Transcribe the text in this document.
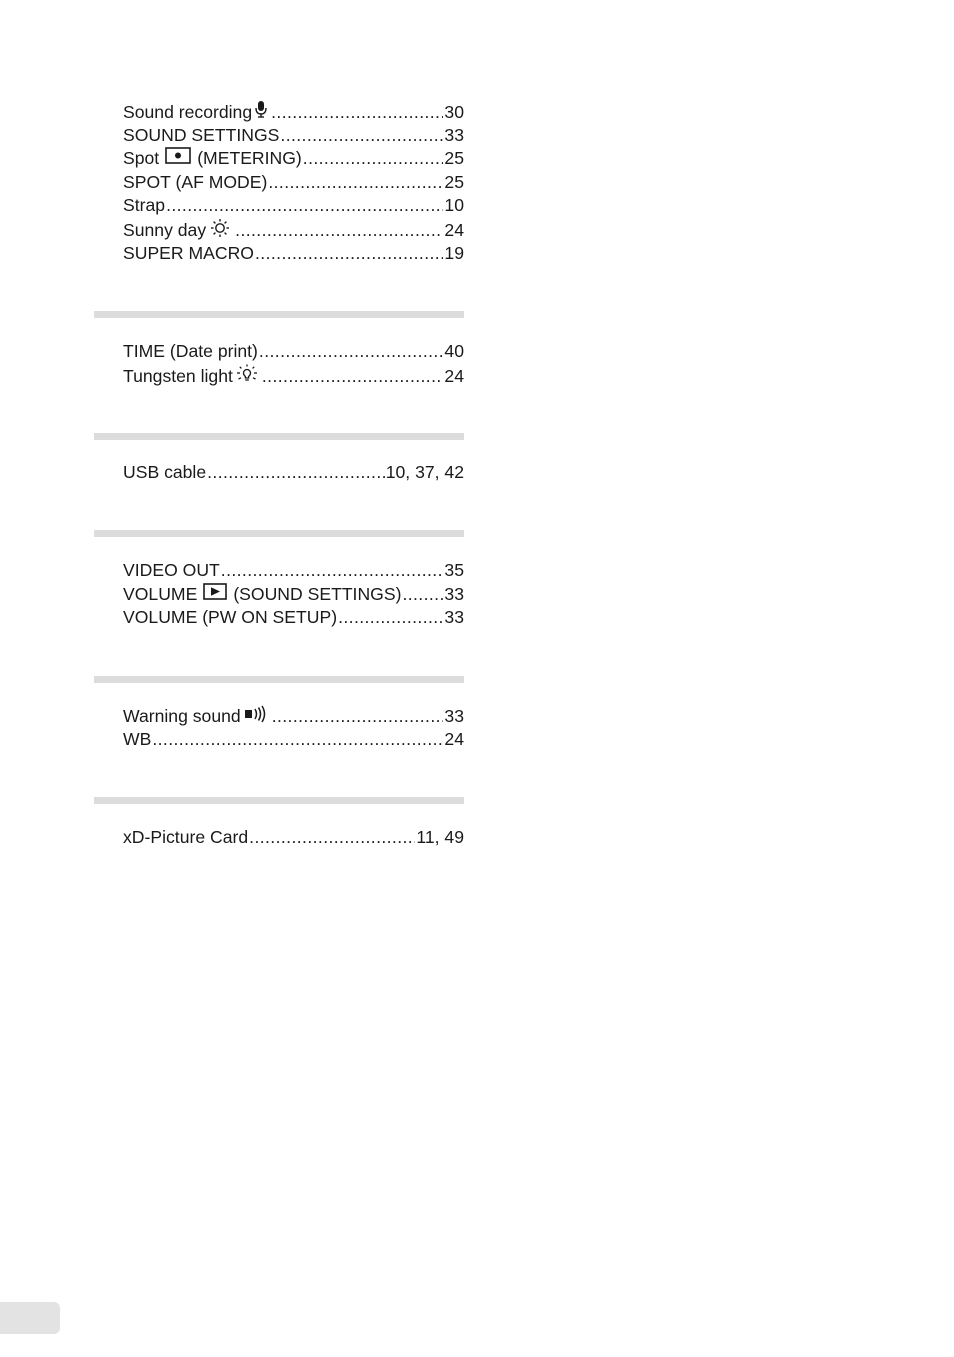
Sound recording .....	30
SOUND SETTINGS .....	33
Spot (METERING) .....	25
SPOT (AF MODE) .....	25
Strap .....	10
Sunny day .....	24
SUPER MACRO .....	19
TIME (Date print) .....	40
Tungsten light .....	24
USB cable .....	10, 37, 42
VIDEO OUT .....	35
VOLUME (SOUND SETTINGS) ..... 33
VOLUME (PW ON SETUP) .....	33
Warning sound .....	33
WB .....	24
xD-Picture Card .....	11, 49
